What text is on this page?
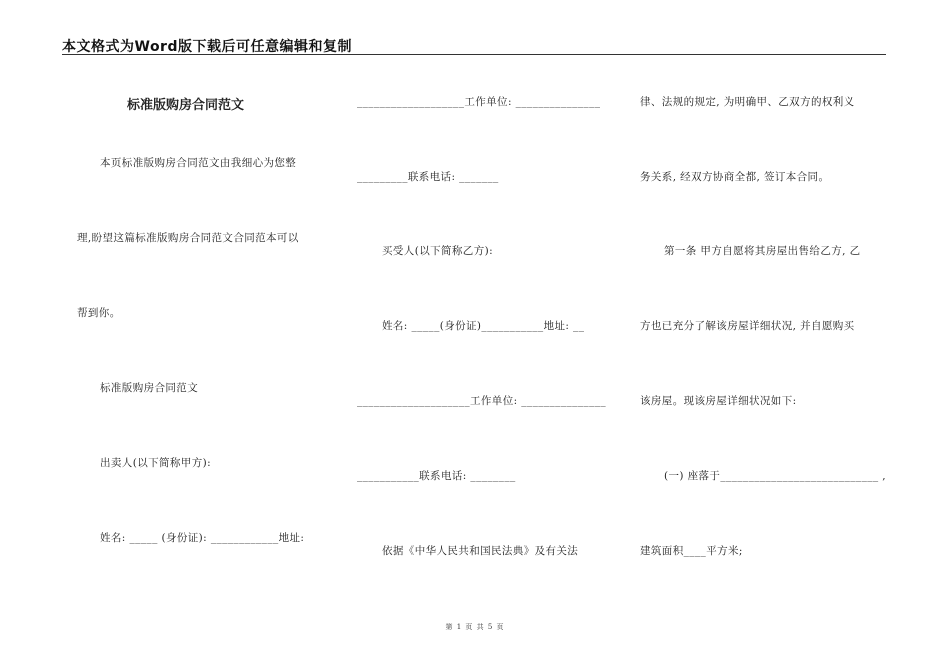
本文格式为Word版下载后可任意编辑和复制
标准版购房合同范文
本页标准版购房合同范文由我细心为您整
理,盼望这篇标准版购房合同范文合同范本可以
帮到你。
标准版购房合同范文
出卖人(以下简称甲方):
姓名: _____ (身份证): ____________地址:
___________________工作单位: _______________
_________联系电话: _______
买受人(以下简称乙方):
姓名: _____(身份证)___________地址: __
____________________工作单位: _______________
___________联系电话: ________
依据《中华人民共和国民法典》及有关法
律、法规的规定, 为明确甲、乙双方的权利义
务关系, 经双方协商全都, 签订本合同。
第一条 甲方自愿将其房屋出售给乙方, 乙
方也已充分了解该房屋详细状况, 并自愿购买
该房屋。现该房屋详细状况如下:
(一) 座落于____________________________ ,
建筑面积____平方米;
第 1 页 共 5 页
